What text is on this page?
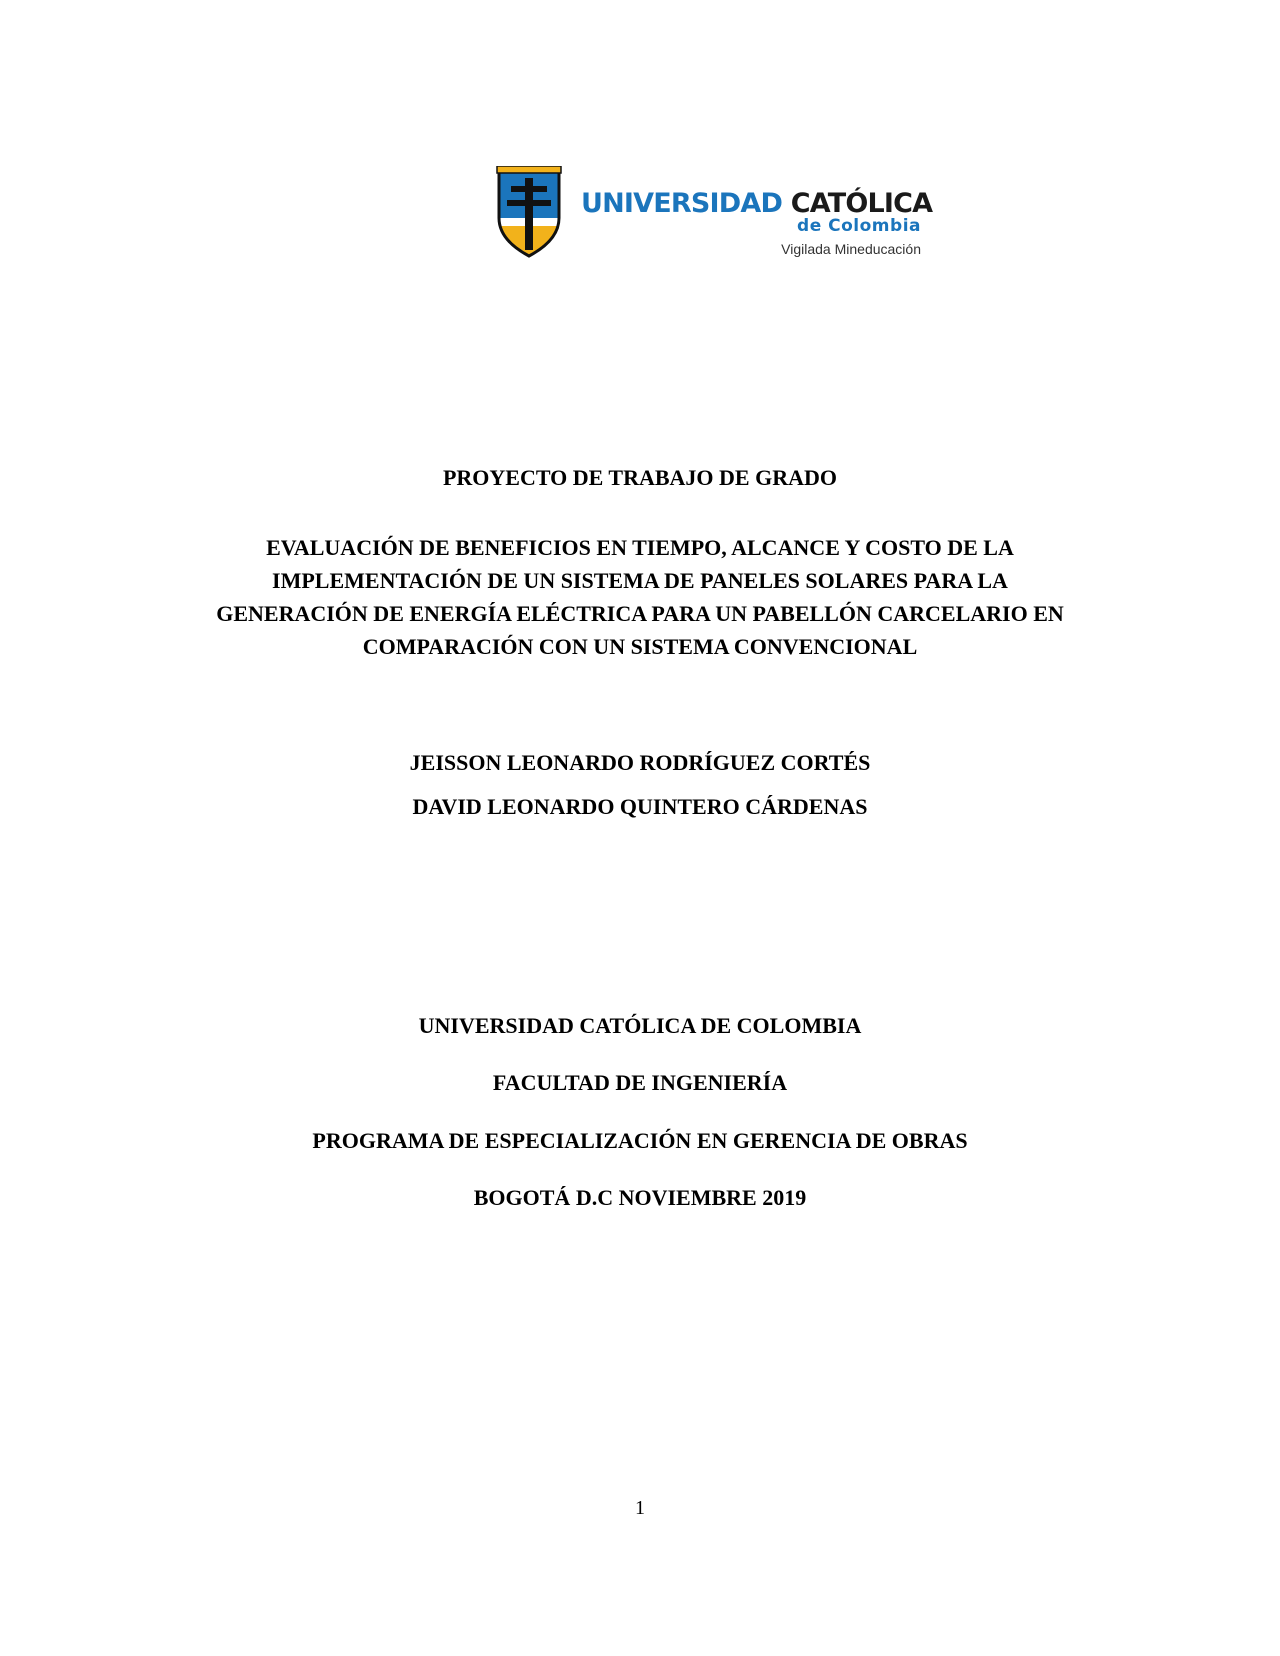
UNIVERSIDAD CATÓLICA
de Colombia
Vigilada Mineducación
PROYECTO DE TRABAJO DE GRADO
EVALUACIÓN DE BENEFICIOS EN TIEMPO, ALCANCE Y COSTO DE LA
IMPLEMENTACIÓN DE UN SISTEMA DE PANELES SOLARES PARA LA
GENERACIÓN DE ENERGÍA ELÉCTRICA PARA UN PABELLÓN CARCELARIO EN
COMPARACIÓN CON UN SISTEMA CONVENCIONAL
JEISSON LEONARDO RODRÍGUEZ CORTÉS
DAVID LEONARDO QUINTERO CÁRDENAS
UNIVERSIDAD CATÓLICA DE COLOMBIA
FACULTAD DE INGENIERÍA
PROGRAMA DE ESPECIALIZACIÓN EN GERENCIA DE OBRAS
BOGOTÁ D.C NOVIEMBRE 2019
1
